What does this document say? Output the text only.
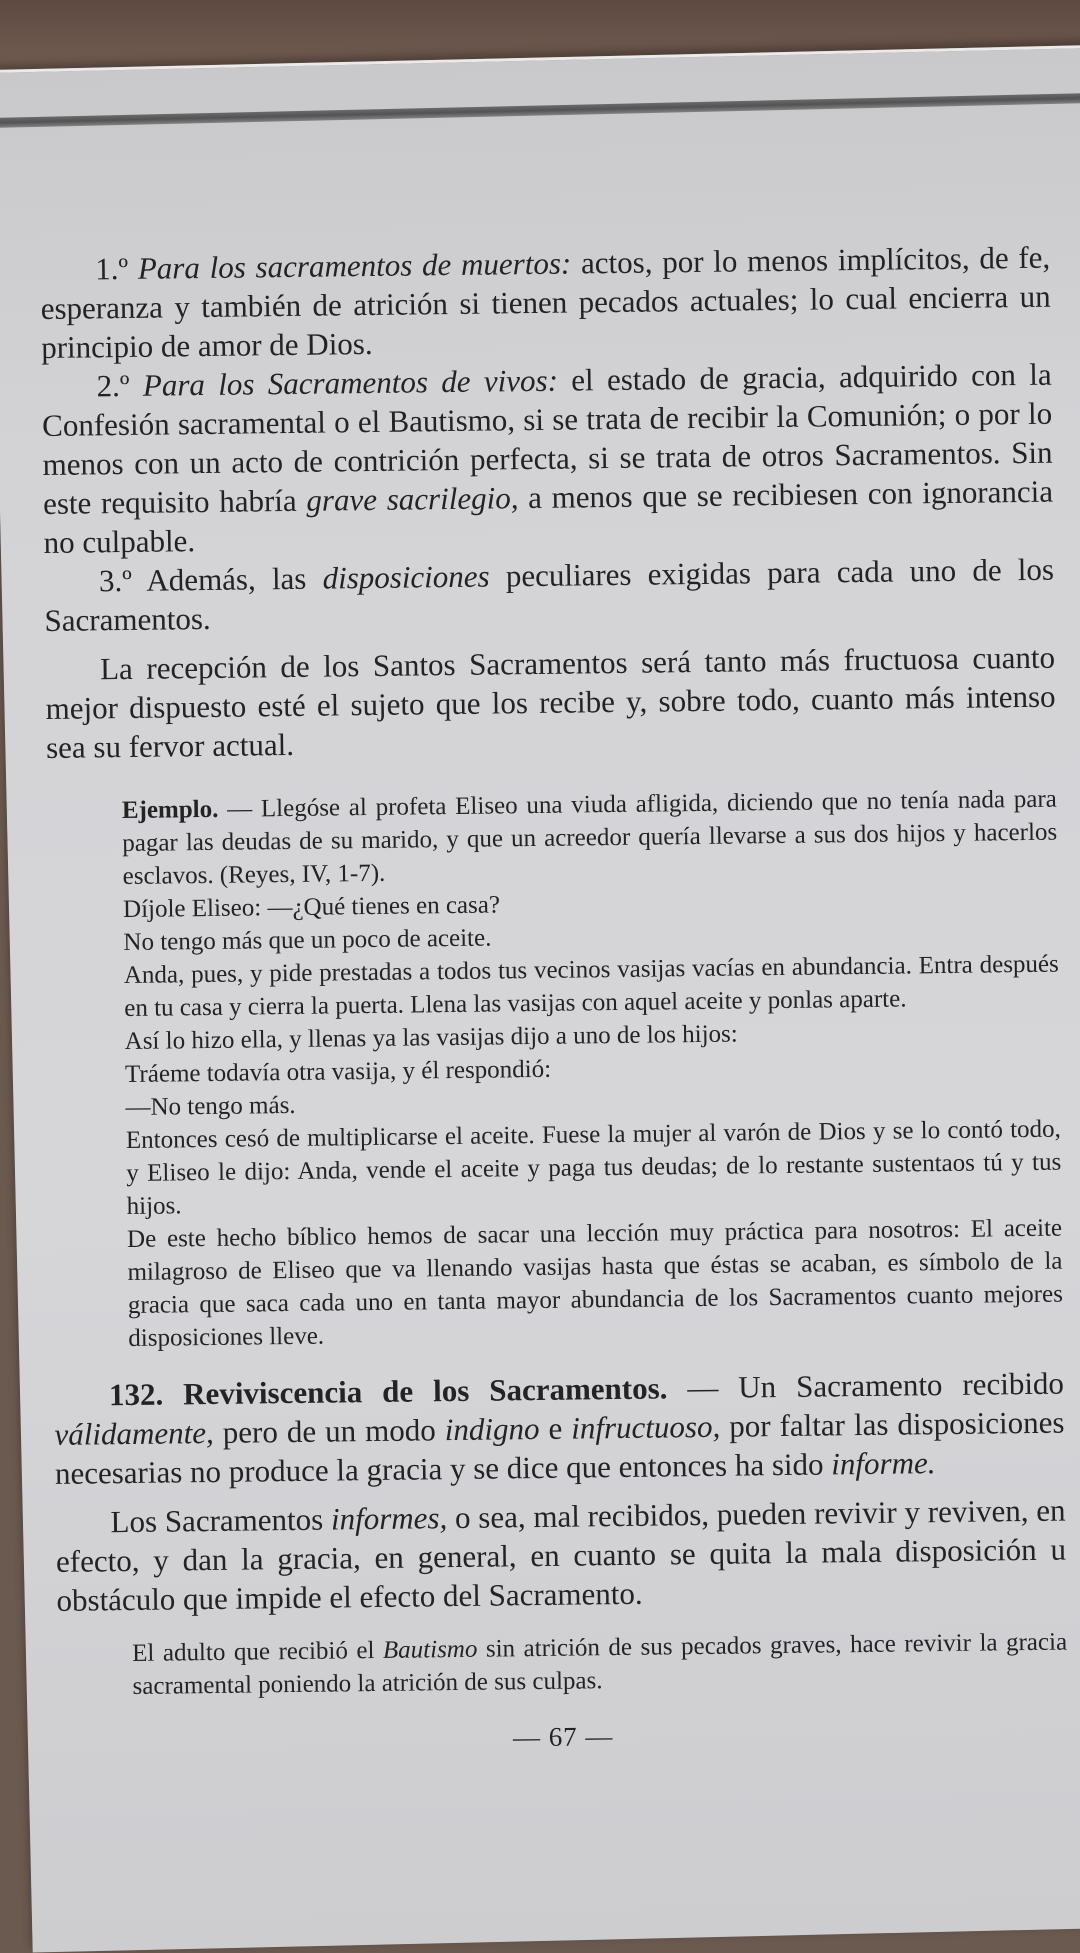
1.º Para los sacramentos de muertos: actos, por lo menos implícitos, de fe, esperanza y también de atrición si tienen pecados actuales; lo cual encierra un principio de amor de Dios.

2.º Para los Sacramentos de vivos: el estado de gracia, adquirido con la Confesión sacramental o el Bautismo, si se trata de recibir la Comunión; o por lo menos con un acto de contrición perfecta, si se trata de otros Sacramentos. Sin este requisito habría grave sacrilegio, a menos que se recibiesen con ignorancia no culpable.

3.º Además, las disposiciones peculiares exigidas para cada uno de los Sacramentos.

La recepción de los Santos Sacramentos será tanto más fructuosa cuanto mejor dispuesto esté el sujeto que los recibe y, sobre todo, cuanto más intenso sea su fervor actual.

Ejemplo. — Llegóse al profeta Eliseo una viuda afligida, diciendo que no tenía nada para pagar las deudas de su marido, y que un acreedor quería llevarse a sus dos hijos y hacerlos esclavos. (Reyes, IV, 1-7).

Díjole Eliseo: —¿Qué tienes en casa?

No tengo más que un poco de aceite.

Anda, pues, y pide prestadas a todos tus vecinos vasijas vacías en abundancia. Entra después en tu casa y cierra la puerta. Llena las vasijas con aquel aceite y ponlas aparte.

Así lo hizo ella, y llenas ya las vasijas dijo a uno de los hijos:

Tráeme todavía otra vasija, y él respondió:

—No tengo más.

Entonces cesó de multiplicarse el aceite. Fuese la mujer al varón de Dios y se lo contó todo, y Eliseo le dijo: Anda, vende el aceite y paga tus deudas; de lo restante sustentaos tú y tus hijos.

De este hecho bíblico hemos de sacar una lección muy práctica para nosotros: El aceite milagroso de Eliseo que va llenando vasijas hasta que éstas se acaban, es símbolo de la gracia que saca cada uno en tanta mayor abundancia de los Sacramentos cuanto mejores disposiciones lleve.

132. Reviviscencia de los Sacramentos. — Un Sacramento recibido válidamente, pero de un modo indigno e infructuoso, por faltar las disposiciones necesarias no produce la gracia y se dice que entonces ha sido informe.

Los Sacramentos informes, o sea, mal recibidos, pueden revivir y reviven, en efecto, y dan la gracia, en general, en cuanto se quita la mala disposición u obstáculo que impide el efecto del Sacramento.

El adulto que recibió el Bautismo sin atrición de sus pecados graves, hace revivir la gracia sacramental poniendo la atrición de sus culpas.

— 67 —
